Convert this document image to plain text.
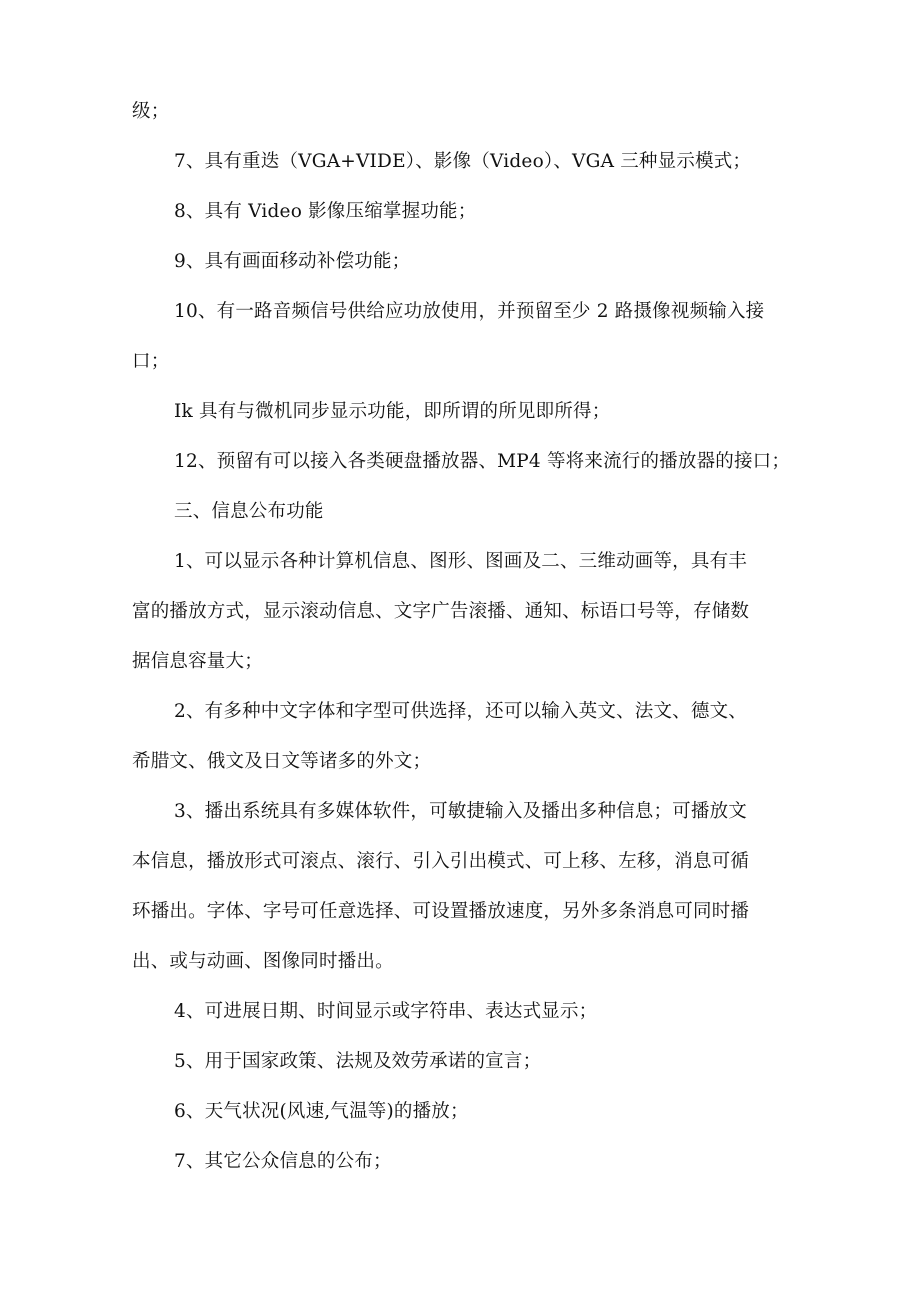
级；
7、具有重迭（VGA+VIDE）、影像（Video）、VGA 三种显示模式；
8、具有 Video 影像压缩掌握功能；
9、具有画面移动补偿功能；
10、有一路音频信号供给应功放使用，并预留至少 2 路摄像视频输入接
口；
Ik 具有与微机同步显示功能，即所谓的所见即所得；
12、预留有可以接入各类硬盘播放器、MP4 等将来流行的播放器的接口；
三、信息公布功能
1、可以显示各种计算机信息、图形、图画及二、三维动画等，具有丰
富的播放方式，显示滚动信息、文字广告滚播、通知、标语口号等，存储数
据信息容量大；
2、有多种中文字体和字型可供选择，还可以输入英文、法文、德文、
希腊文、俄文及日文等诸多的外文；
3、播出系统具有多媒体软件，可敏捷输入及播出多种信息；可播放文
本信息，播放形式可滚点、滚行、引入引出模式、可上移、左移，消息可循
环播出。字体、字号可任意选择、可设置播放速度，另外多条消息可同时播
出、或与动画、图像同时播出。
4、可进展日期、时间显示或字符串、表达式显示；
5、用于国家政策、法规及效劳承诺的宣言；
6、天气状况(风速,气温等)的播放；
7、其它公众信息的公布；
